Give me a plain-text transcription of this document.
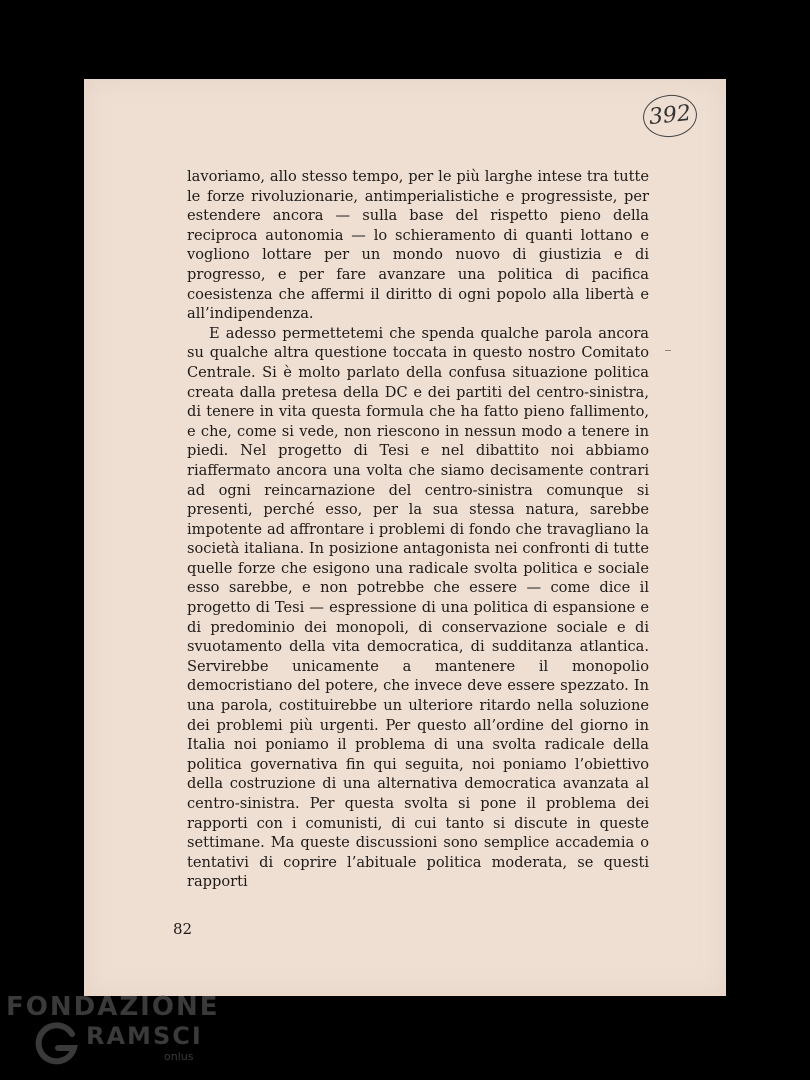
392

lavoriamo, allo stesso tempo, per le più larghe intese tra tutte le forze rivoluzionarie, antimperialistiche e progressiste, per estendere ancora — sulla base del rispetto pieno della reciproca autonomia — lo schieramento di quanti lottano e vogliono lottare per un mondo nuovo di giustizia e di progresso, e per fare avanzare una politica di pacifica coesistenza che affermi il diritto di ogni popolo alla libertà e all’indipendenza.

E adesso permettetemi che spenda qualche parola ancora su qualche altra questione toccata in questo nostro Comitato Centrale. Si è molto parlato della confusa situazione politica creata dalla pretesa della DC e dei partiti del centro-sinistra, di tenere in vita questa formula che ha fatto pieno fallimento, e che, come si vede, non riescono in nessun modo a tenere in piedi. Nel progetto di Tesi e nel dibattito noi abbiamo riaffermato ancora una volta che siamo decisamente contrari ad ogni reincarnazione del centro-sinistra comunque si presenti, perché esso, per la sua stessa natura, sarebbe impotente ad affrontare i problemi di fondo che travagliano la società italiana. In posizione antagonista nei confronti di tutte quelle forze che esigono una radicale svolta politica e sociale esso sarebbe, e non potrebbe che essere — come dice il progetto di Tesi — espressione di una politica di espansione e di predominio dei monopoli, di conservazione sociale e di svuotamento della vita democratica, di sudditanza atlantica. Servirebbe unicamente a mantenere il monopolio democristiano del potere, che invece deve essere spezzato. In una parola, costituirebbe un ulteriore ritardo nella soluzione dei problemi più urgenti. Per questo all’ordine del giorno in Italia noi poniamo il problema di una svolta radicale della politica governativa fin qui seguita, noi poniamo l’obiettivo della costruzione di una alternativa democratica avanzata al centro-sinistra. Per questa svolta si pone il problema dei rapporti con i comunisti, di cui tanto si discute in queste settimane. Ma queste discussioni sono semplice accademia o tentativi di coprire l’abituale politica moderata, se questi rapporti

82
FONDAZIONE
RAMSCI
onlus
